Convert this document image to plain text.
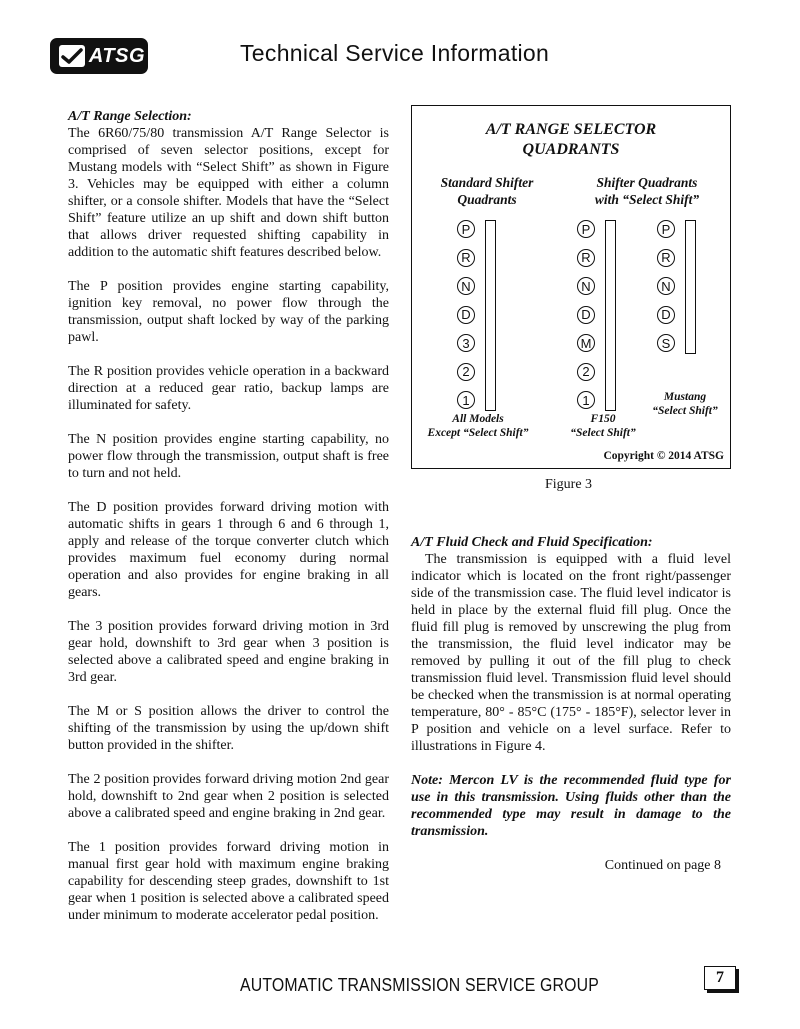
ATSG	Technical Service Information

A/T Range Selection:

The 6R60/75/80 transmission A/T Range Selector is comprised of seven selector positions, except for Mustang models with “Select Shift” as shown in Figure 3. Vehicles may be equipped with either a column shifter, or a console shifter. Models that have the “Select Shift” feature utilize an up shift and down shift button that allows driver requested shifting capability in addition to the automatic shift features described below.

The P position provides engine starting capability, ignition key removal, no power flow through the transmission, output shaft locked by way of the parking pawl.

The R position provides vehicle operation in a backward direction at a reduced gear ratio, backup lamps are illuminated for safety.

The N position provides engine starting capability, no power flow through the transmission, output shaft is free to turn and not held.

The D position provides forward driving motion with automatic shifts in gears 1 through 6 and 6 through 1, apply and release of the torque converter clutch which provides maximum fuel economy during normal operation and also provides for engine braking in all gears.

The 3 position provides forward driving motion in 3rd gear hold, downshift to 3rd gear when 3 position is selected above a calibrated speed and engine braking in 3rd gear.

The M or S position allows the driver to control the shifting of the transmission by using the up/down shift button provided in the shifter.

The 2 position provides forward driving motion 2nd gear hold, downshift to 2nd gear when 2 position is selected above a calibrated speed and engine braking in 2nd gear.

The 1 position provides forward driving motion in manual first gear hold with maximum engine braking capability for descending steep grades, downshift to 1st gear when 1 position is selected above a calibrated speed under minimum to moderate accelerator pedal position.

A/T RANGE SELECTOR
QUADRANTS
Standard Shifter
Quadrants
Shifter Quadrants
with “Select Shift”
P
R
N
D
3
2
1
P
R
N
D
M
2
1
P
R
N
D
S
All Models
Except “Select Shift”
F150
“Select Shift”
Mustang
“Select Shift”
Copyright © 2014 ATSG
Figure 3

A/T Fluid Check and Fluid Specification:

The transmission is equipped with a fluid level indicator which is located on the front right/passenger side of the transmission case. The fluid level indicator is held in place by the external fluid fill plug. Once the fluid fill plug is removed by unscrewing the plug from the transmission, the fluid level indicator may be removed by pulling it out of the fill plug to check transmission fluid level. Transmission fluid level should be checked when the transmission is at normal operating temperature, 80° - 85°C (175° - 185°F), selector lever in P position and vehicle on a level surface. Refer to illustrations in Figure 4.

Note: Mercon LV is the recommended fluid type for use in this transmission. Using fluids other than the recommended type may result in damage to the transmission.

Continued on page 8

AUTOMATIC TRANSMISSION SERVICE GROUP	7
